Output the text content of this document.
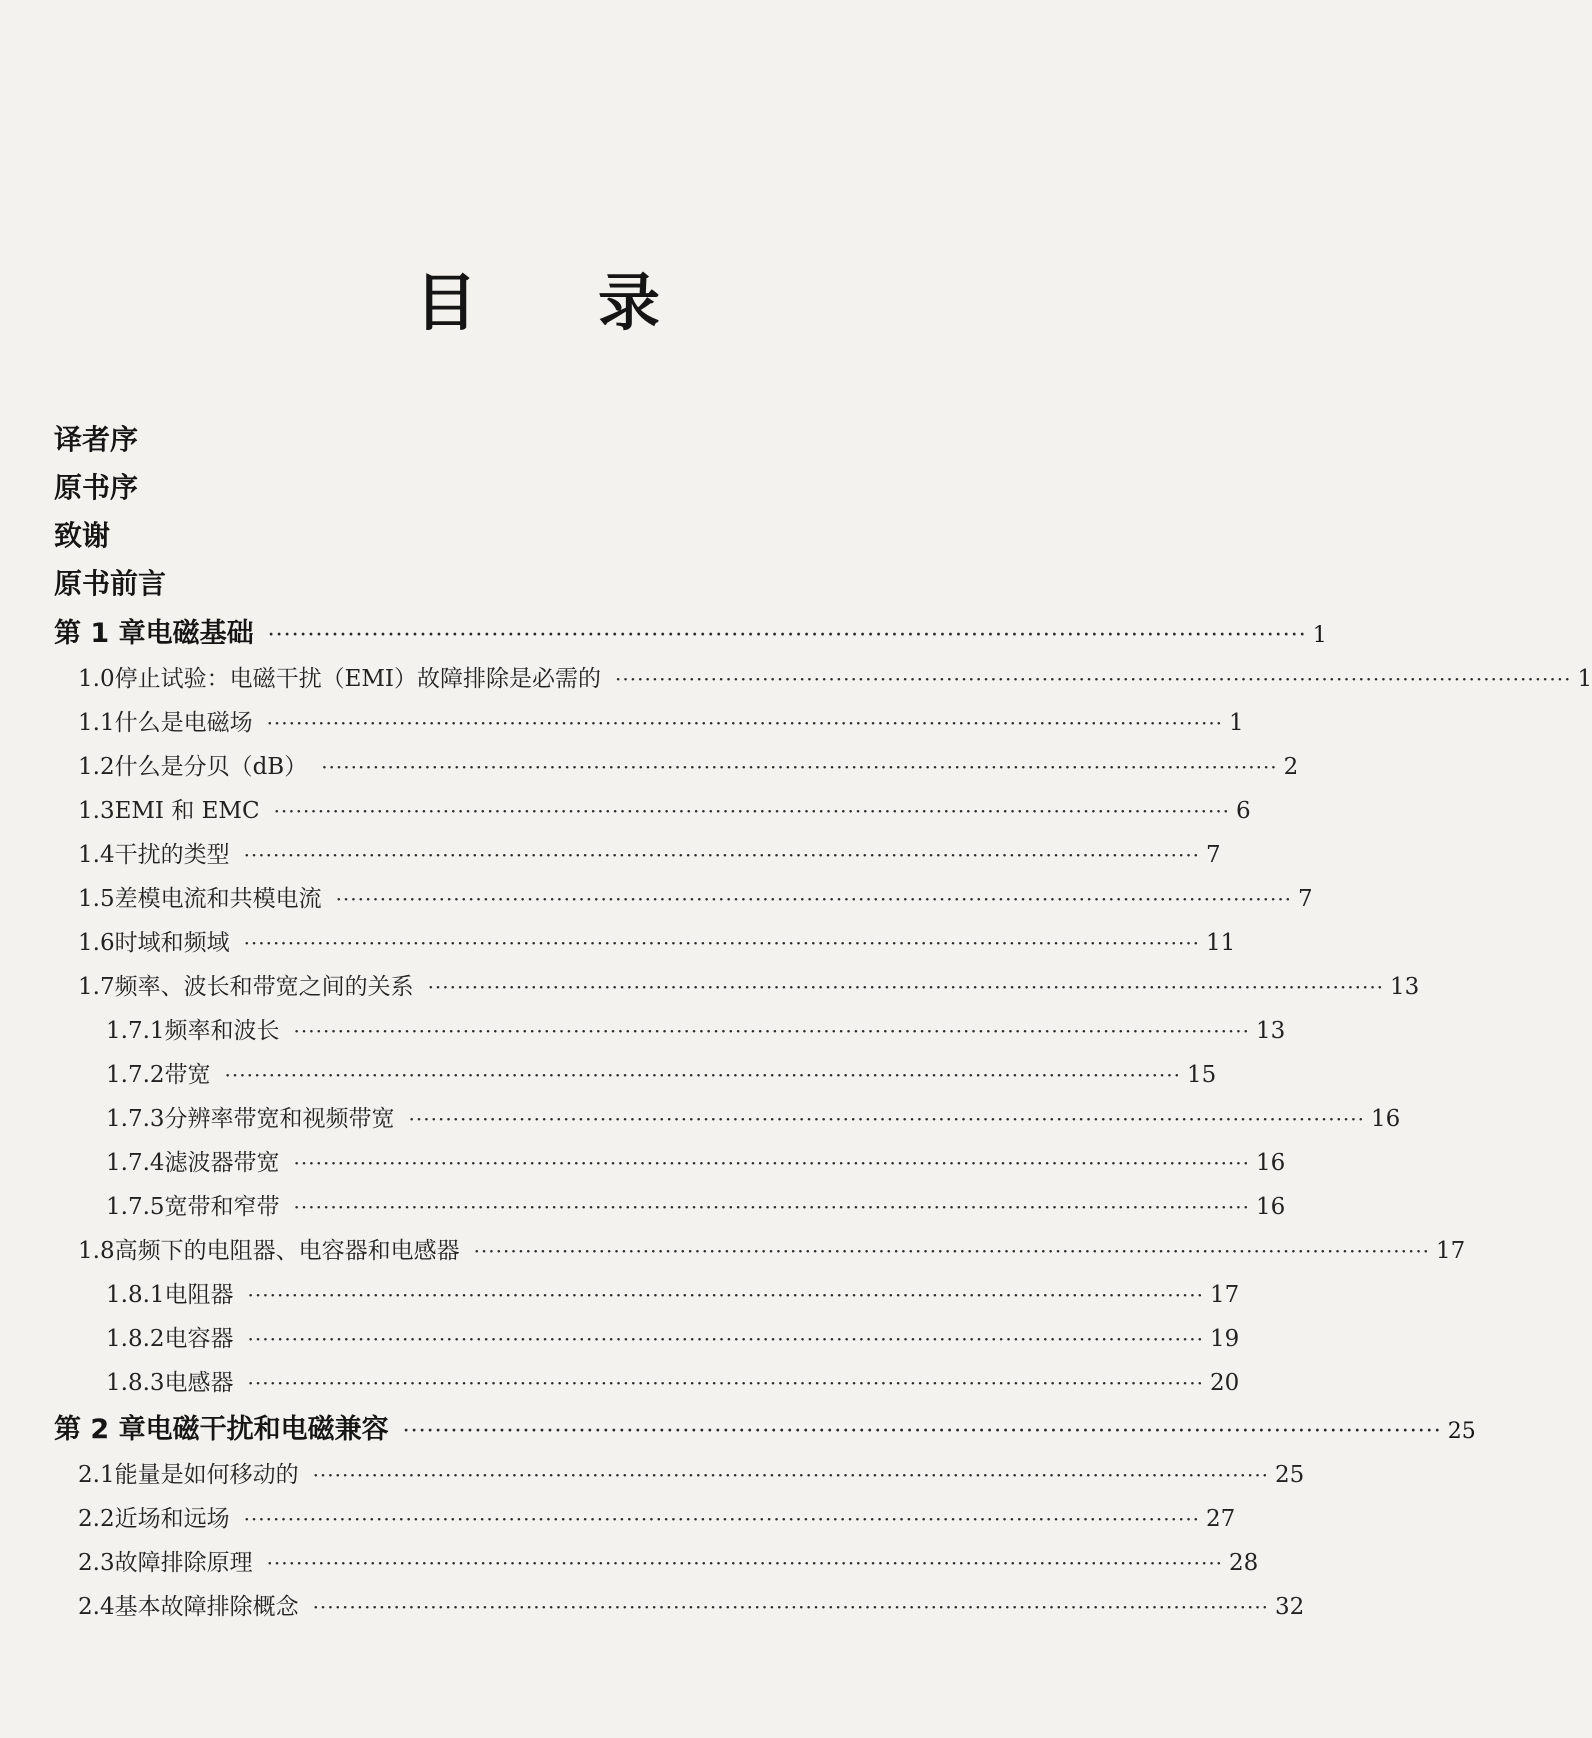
目 录
译者序
原书序
致谢
原书前言
第 1 章 电磁基础 ·································································································································· 1
1.0 停止试验：电磁干扰（EMI）故障排除是必需的 ·································································································································· 1
1.1 什么是电磁场 ·································································································································· 1
1.2 什么是分贝（dB） ·································································································································· 2
1.3 EMI 和 EMC ·································································································································· 6
1.4 干扰的类型 ·································································································································· 7
1.5 差模电流和共模电流 ·································································································································· 7
1.6 时域和频域 ·································································································································· 11
1.7 频率、波长和带宽之间的关系 ·································································································································· 13
1.7.1 频率和波长 ·································································································································· 13
1.7.2 带宽 ·································································································································· 15
1.7.3 分辨率带宽和视频带宽 ·································································································································· 16
1.7.4 滤波器带宽 ·································································································································· 16
1.7.5 宽带和窄带 ·································································································································· 16
1.8 高频下的电阻器、电容器和电感器 ·································································································································· 17
1.8.1 电阻器 ·································································································································· 17
1.8.2 电容器 ·································································································································· 19
1.8.3 电感器 ·································································································································· 20
第 2 章 电磁干扰和电磁兼容 ·································································································································· 25
2.1 能量是如何移动的 ·································································································································· 25
2.2 近场和远场 ·································································································································· 27
2.3 故障排除原理 ·································································································································· 28
2.4 基本故障排除概念 ·································································································································· 32
